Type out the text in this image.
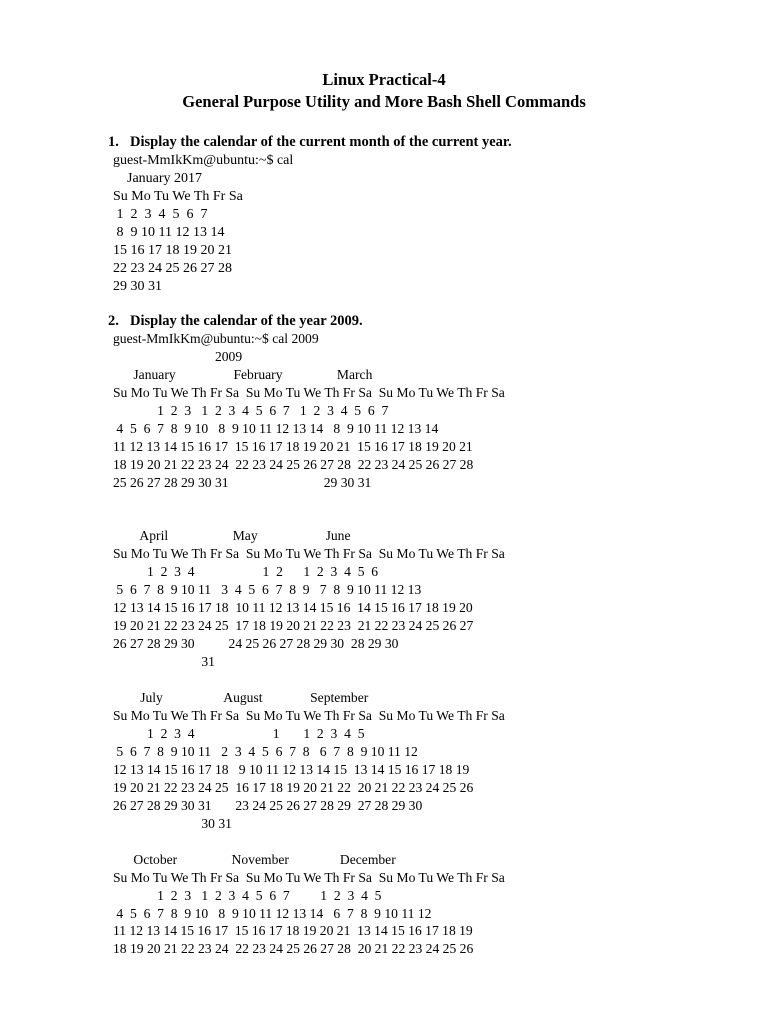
Linux Practical-4
General Purpose Utility and More Bash Shell Commands
1. Display the calendar of the current month of the current year.
guest-MmIkKm@ubuntu:~$ cal
January 2017
Su Mo Tu We Th Fr Sa
1  2  3  4  5  6  7
8  9 10 11 12 13 14
15 16 17 18 19 20 21
22 23 24 25 26 27 28
29 30 31
2. Display the calendar of the year 2009.
guest-MmIkKm@ubuntu:~$ cal 2009
2009
January                 February                March
Su Mo Tu We Th Fr Sa  Su Mo Tu We Th Fr Sa  Su Mo Tu We Th Fr Sa
1  2  3   1  2  3  4  5  6  7   1  2  3  4  5  6  7
4  5  6  7  8  9 10   8  9 10 11 12 13 14   8  9 10 11 12 13 14
11 12 13 14 15 16 17  15 16 17 18 19 20 21  15 16 17 18 19 20 21
18 19 20 21 22 23 24  22 23 24 25 26 27 28  22 23 24 25 26 27 28
25 26 27 28 29 30 31                            29 30 31

April                   May                    June
Su Mo Tu We Th Fr Sa  Su Mo Tu We Th Fr Sa  Su Mo Tu We Th Fr Sa
1  2  3  4                    1  2      1  2  3  4  5  6
5  6  7  8  9 10 11   3  4  5  6  7  8  9   7  8  9 10 11 12 13
12 13 14 15 16 17 18  10 11 12 13 14 15 16  14 15 16 17 18 19 20
19 20 21 22 23 24 25  17 18 19 20 21 22 23  21 22 23 24 25 26 27
26 27 28 29 30          24 25 26 27 28 29 30  28 29 30
31

July                  August              September
Su Mo Tu We Th Fr Sa  Su Mo Tu We Th Fr Sa  Su Mo Tu We Th Fr Sa
1  2  3  4                       1       1  2  3  4  5
5  6  7  8  9 10 11   2  3  4  5  6  7  8   6  7  8  9 10 11 12
12 13 14 15 16 17 18   9 10 11 12 13 14 15  13 14 15 16 17 18 19
19 20 21 22 23 24 25  16 17 18 19 20 21 22  20 21 22 23 24 25 26
26 27 28 29 30 31       23 24 25 26 27 28 29  27 28 29 30
30 31

October                November               December
Su Mo Tu We Th Fr Sa  Su Mo Tu We Th Fr Sa  Su Mo Tu We Th Fr Sa
1  2  3   1  2  3  4  5  6  7         1  2  3  4  5
4  5  6  7  8  9 10   8  9 10 11 12 13 14   6  7  8  9 10 11 12
11 12 13 14 15 16 17  15 16 17 18 19 20 21  13 14 15 16 17 18 19
18 19 20 21 22 23 24  22 23 24 25 26 27 28  20 21 22 23 24 25 26
